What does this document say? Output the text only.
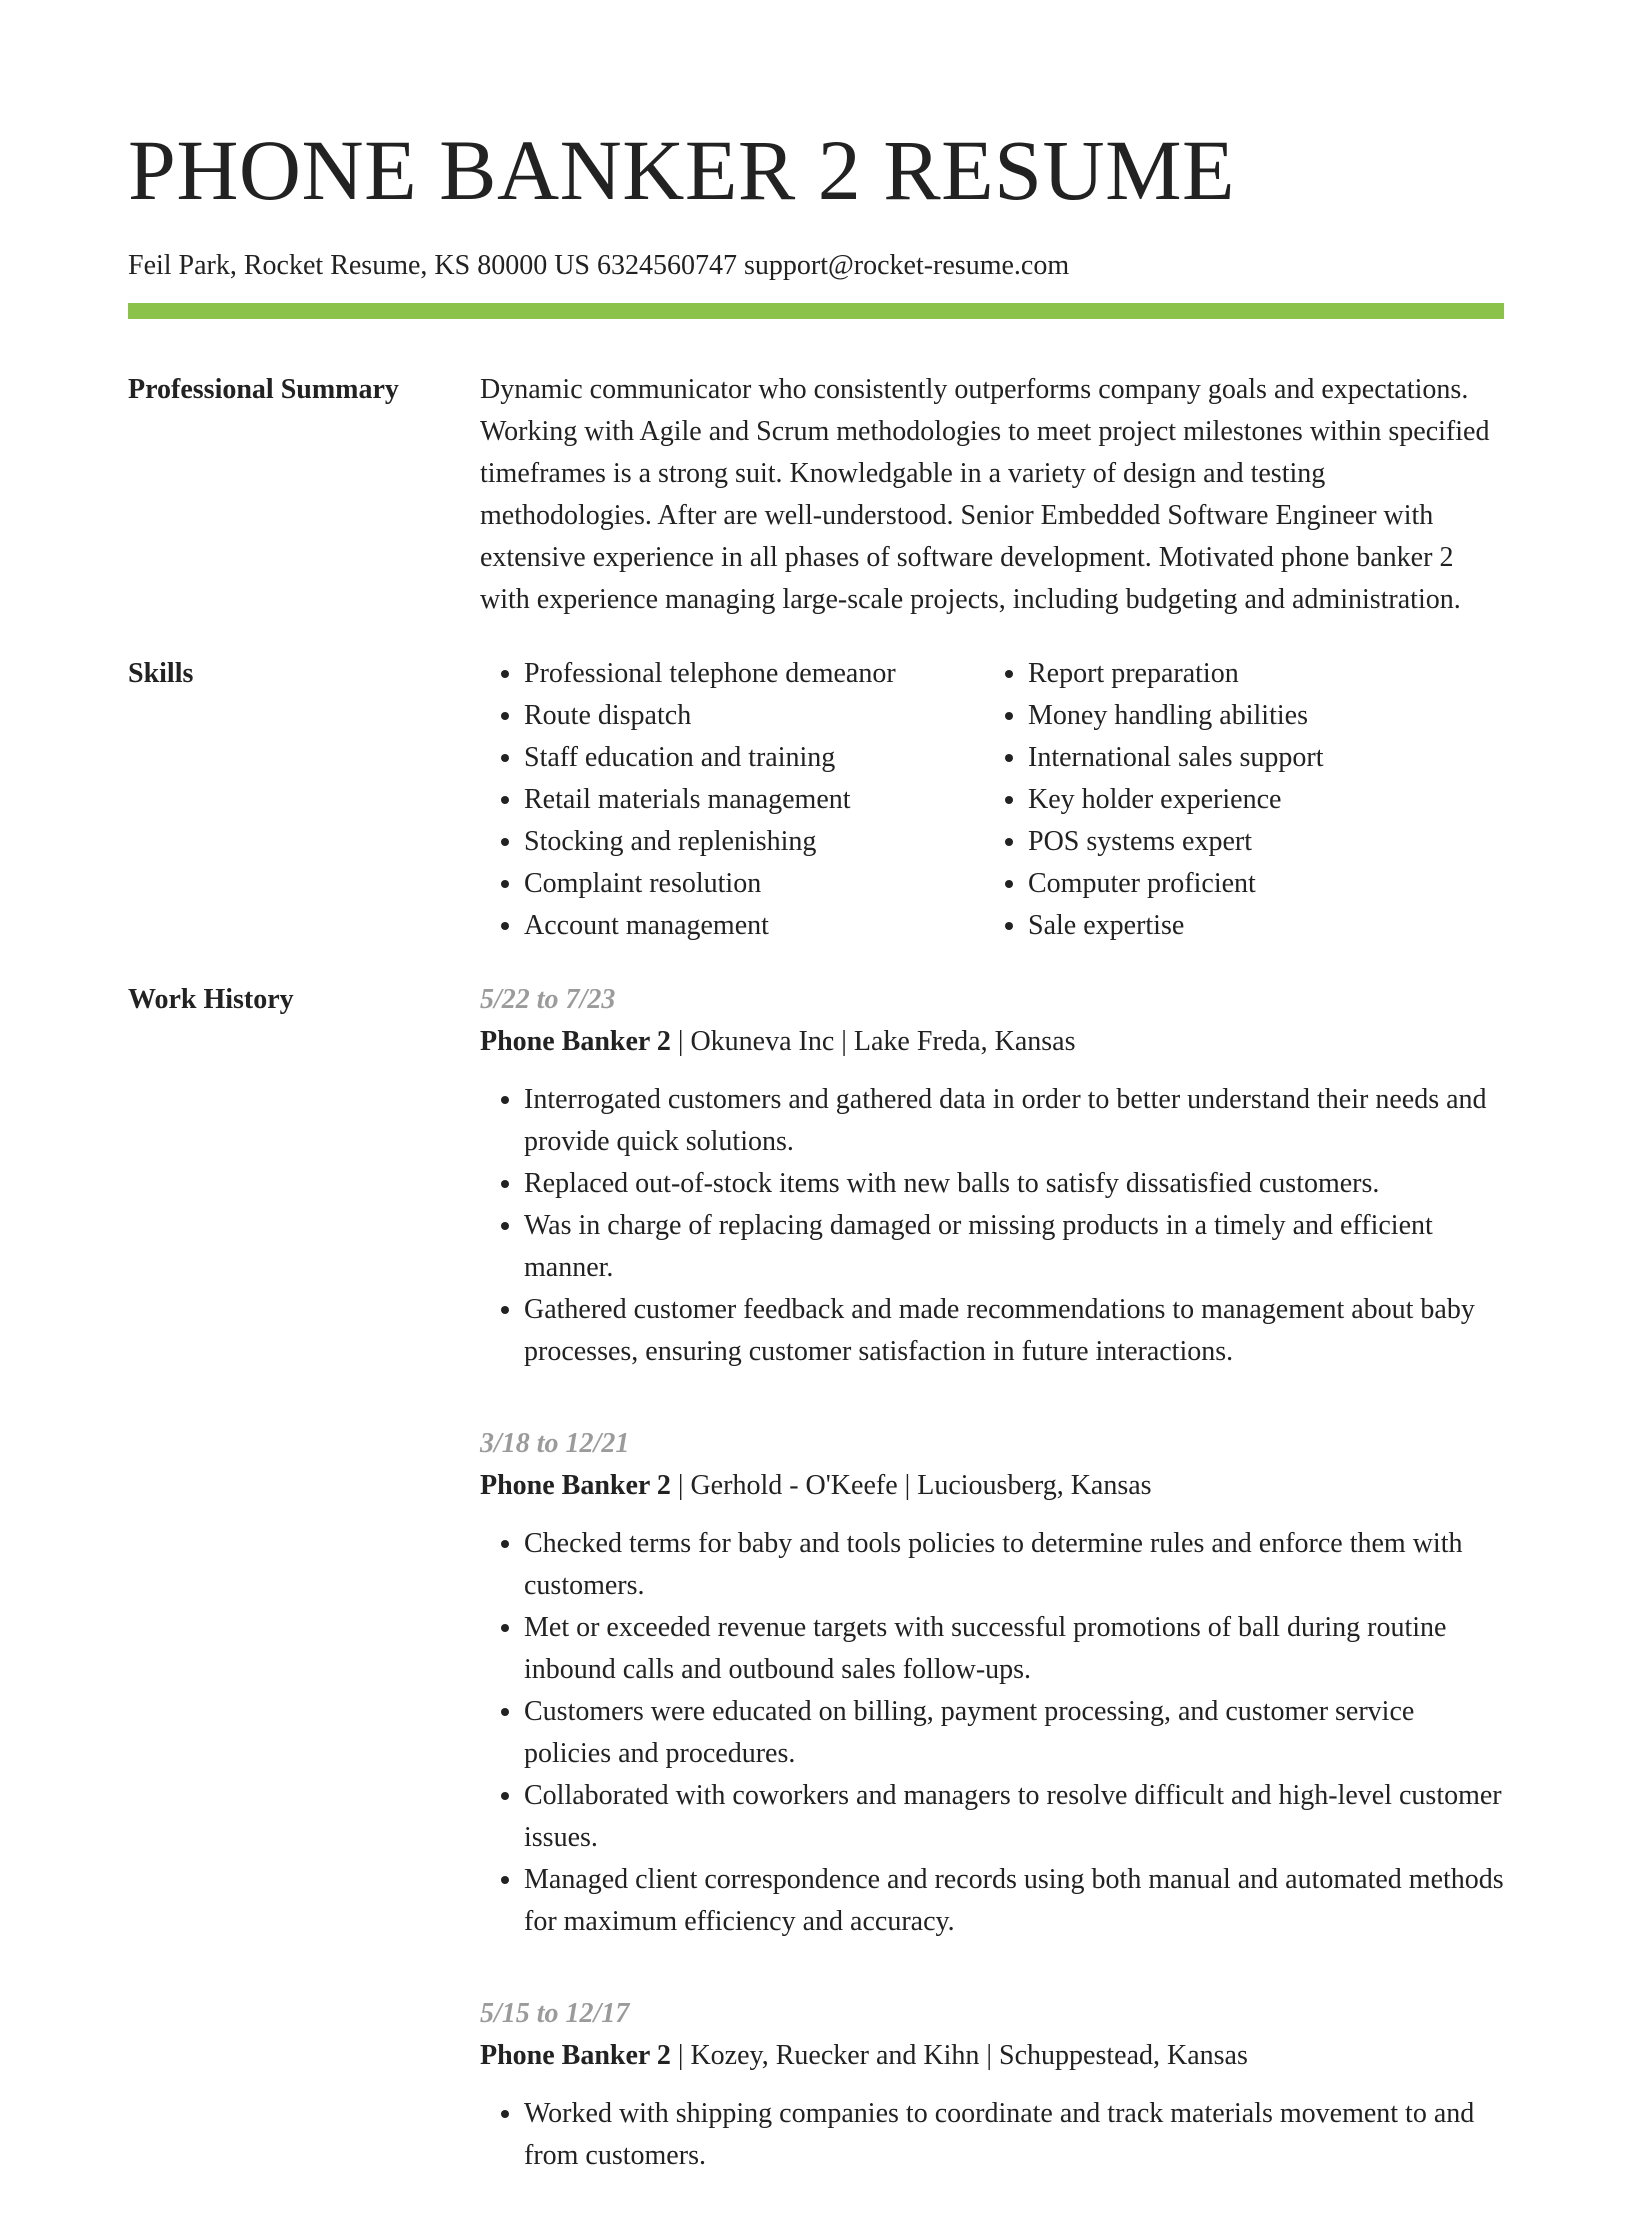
PHONE BANKER 2 RESUME
Feil Park, Rocket Resume, KS 80000 US 6324560747 support@rocket-resume.com
Professional Summary	Dynamic communicator who consistently outperforms company goals and expectations. Working with Agile and Scrum methodologies to meet project milestones within specified timeframes is a strong suit. Knowledgable in a variety of design and testing methodologies. After are well-understood. Senior Embedded Software Engineer with extensive experience in all phases of software development. Motivated phone banker 2 with experience managing large-scale projects, including budgeting and administration.

Skills
•	Professional telephone demeanor
• Route dispatch
• Staff education and training
• Retail materials management
• Stocking and replenishing
• Complaint resolution
• Account management
• Report preparation
• Money handling abilities
• International sales support
• Key holder experience
• POS systems expert
• Computer proficient
• Sale expertise
Work History	5/22 to 7/23

Phone Banker 2 | Okuneva Inc | Lake Freda, Kansas

• Interrogated customers and gathered data in order to better understand their needs and provide quick solutions.
• Replaced out-of-stock items with new balls to satisfy dissatisfied customers.
• Was in charge of replacing damaged or missing products in a timely and efficient manner.
• Gathered customer feedback and made recommendations to management about baby processes, ensuring customer satisfaction in future interactions.

3/18 to 12/21

Phone Banker 2 | Gerhold - O'Keefe | Luciousberg, Kansas

• Checked terms for baby and tools policies to determine rules and enforce them with customers.
• Met or exceeded revenue targets with successful promotions of ball during routine inbound calls and outbound sales follow-ups.
• Customers were educated on billing, payment processing, and customer service policies and procedures.
• Collaborated with coworkers and managers to resolve difficult and high-level customer issues.
• Managed client correspondence and records using both manual and automated methods for maximum efficiency and accuracy.

5/15 to 12/17

Phone Banker 2 | Kozey, Ruecker and Kihn | Schuppestead, Kansas

• Worked with shipping companies to coordinate and track materials movement to and from customers.
